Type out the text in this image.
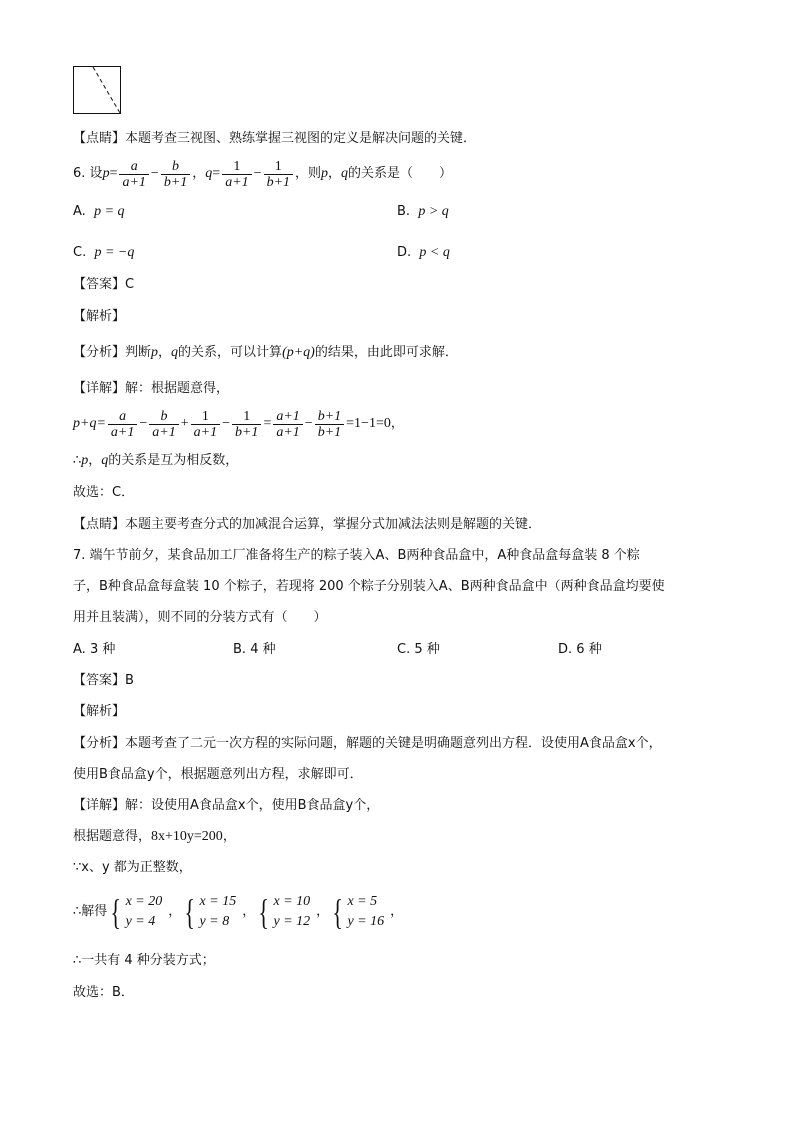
【点睛】本题考查三视图、熟练掌握三视图的定义是解决问题的关键．
6.
设 $p = \frac{a}{a+1} - \frac{b}{b+1}$ ， $q = \frac{1}{a+1} - \frac{1}{b+1}$ ，则 p ， q 的关系是（　　）
A. p = q	B. p > q
C. p = −q	D. p < q
【答案】C
【解析】
【分析】判断p，q的关系，可以计算(p+q)的结果，由此即可求解．
【详解】解：根据题意得，
$p+q= \frac{a}{a+1} - \frac{b}{a+1} + \frac{1}{a+1} - \frac{1}{b+1} = \frac{a+1}{a+1} - \frac{b+1}{b+1} =1-1=0$ ，
∴p，q的关系是互为相反数，
故选：C．
【点睛】本题主要考查分式的加减混合运算，掌握分式加减法法则是解题的关键．
7. 端午节前夕，某食品加工厂准备将生产的粽子装入A、B两种食品盒中，A种食品盒每盒装 8 个粽
子，B种食品盒每盒装 10 个粽子，若现将 200 个粽子分别装入A、B两种食品盒中（两种食品盒均要使
用并且装满），则不同的分装方式有（　　）
A. 3 种	B. 4 种	C. 5 种	D. 6 种
【答案】B
【解析】
【分析】本题考查了二元一次方程的实际问题，解题的关键是明确题意列出方程．设使用A食品盒x个，
使用B食品盒y个，根据题意列出方程，求解即可．
【详解】解：设使用A食品盒x个，使用B食品盒y个，
根据题意得，8x+10y=200，
∵x、y 都为正整数，
∴解得 { x = 20
y = 4
， { x = 15
y = 8
， { x = 10
y = 12
， { x = 5
y = 16
，
∴一共有 4 种分装方式；
故选：B．
